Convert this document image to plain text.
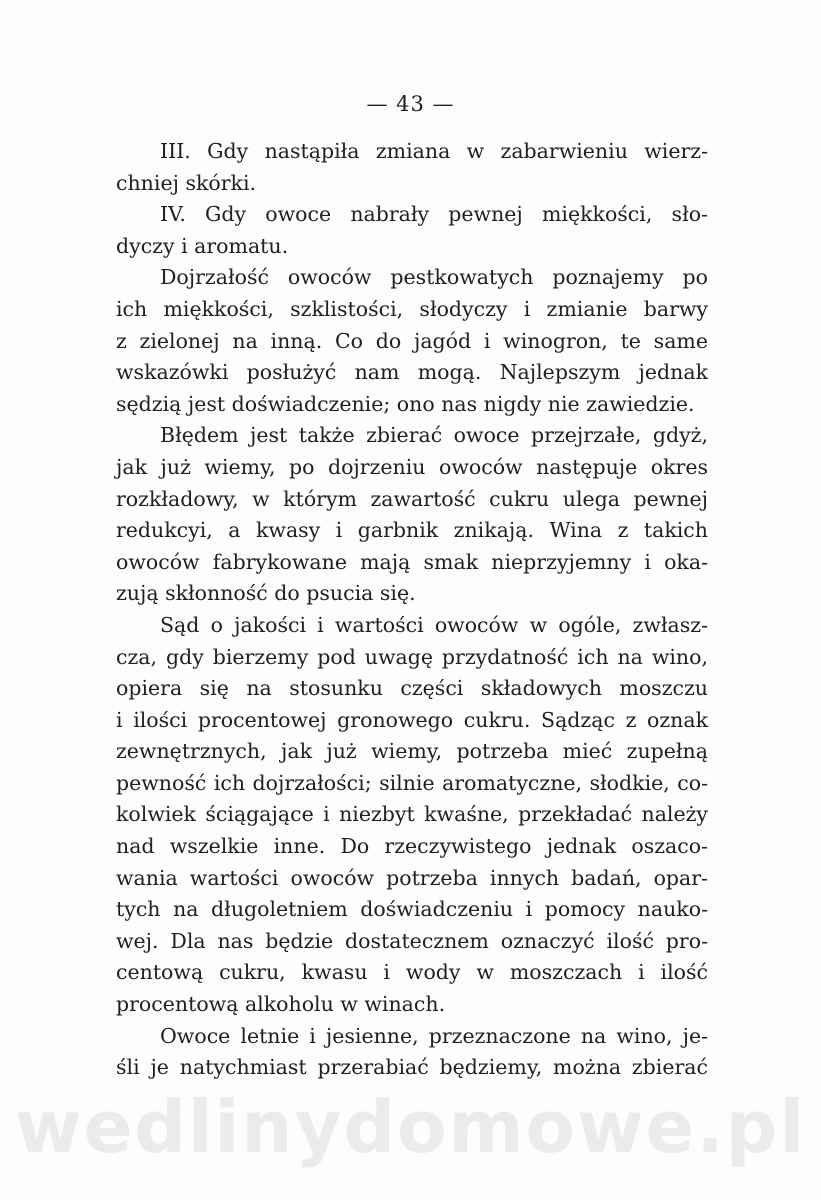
— 43 —
III. Gdy nastąpiła zmiana w zabarwieniu wierz-
chniej skórki.
IV. Gdy owoce nabrały pewnej miękkości, sło-
dyczy i aromatu.
Dojrzałość owoców pestkowatych poznajemy po
ich miękkości, szklistości, słodyczy i zmianie barwy
z zielonej na inną. Co do jagód i winogron, te same
wskazówki posłużyć nam mogą. Najlepszym jednak
sędzią jest doświadczenie; ono nas nigdy nie zawiedzie.
Błędem jest także zbierać owoce przejrzałe, gdyż,
jak już wiemy, po dojrzeniu owoców następuje okres
rozkładowy, w którym zawartość cukru ulega pewnej
redukcyi, a kwasy i garbnik znikają. Wina z takich
owoców fabrykowane mają smak nieprzyjemny i oka-
zują skłonność do psucia się.
Sąd o jakości i wartości owoców w ogóle, zwłasz-
cza, gdy bierzemy pod uwagę przydatność ich na wino,
opiera się na stosunku części składowych moszczu
i ilości procentowej gronowego cukru. Sądząc z oznak
zewnętrznych, jak już wiemy, potrzeba mieć zupełną
pewność ich dojrzałości; silnie aromatyczne, słodkie, co-
kolwiek ściągające i niezbyt kwaśne, przekładać należy
nad wszelkie inne. Do rzeczywistego jednak oszaco-
wania wartości owoców potrzeba innych badań, opar-
tych na długoletniem doświadczeniu i pomocy nauko-
wej. Dla nas będzie dostatecznem oznaczyć ilość pro-
centową cukru, kwasu i wody w moszczach i ilość
procentową alkoholu w winach.
Owoce letnie i jesienne, przeznaczone na wino, je-
śli je natychmiast przerabiać będziemy, można zbierać
wedlinydomowe.pl
